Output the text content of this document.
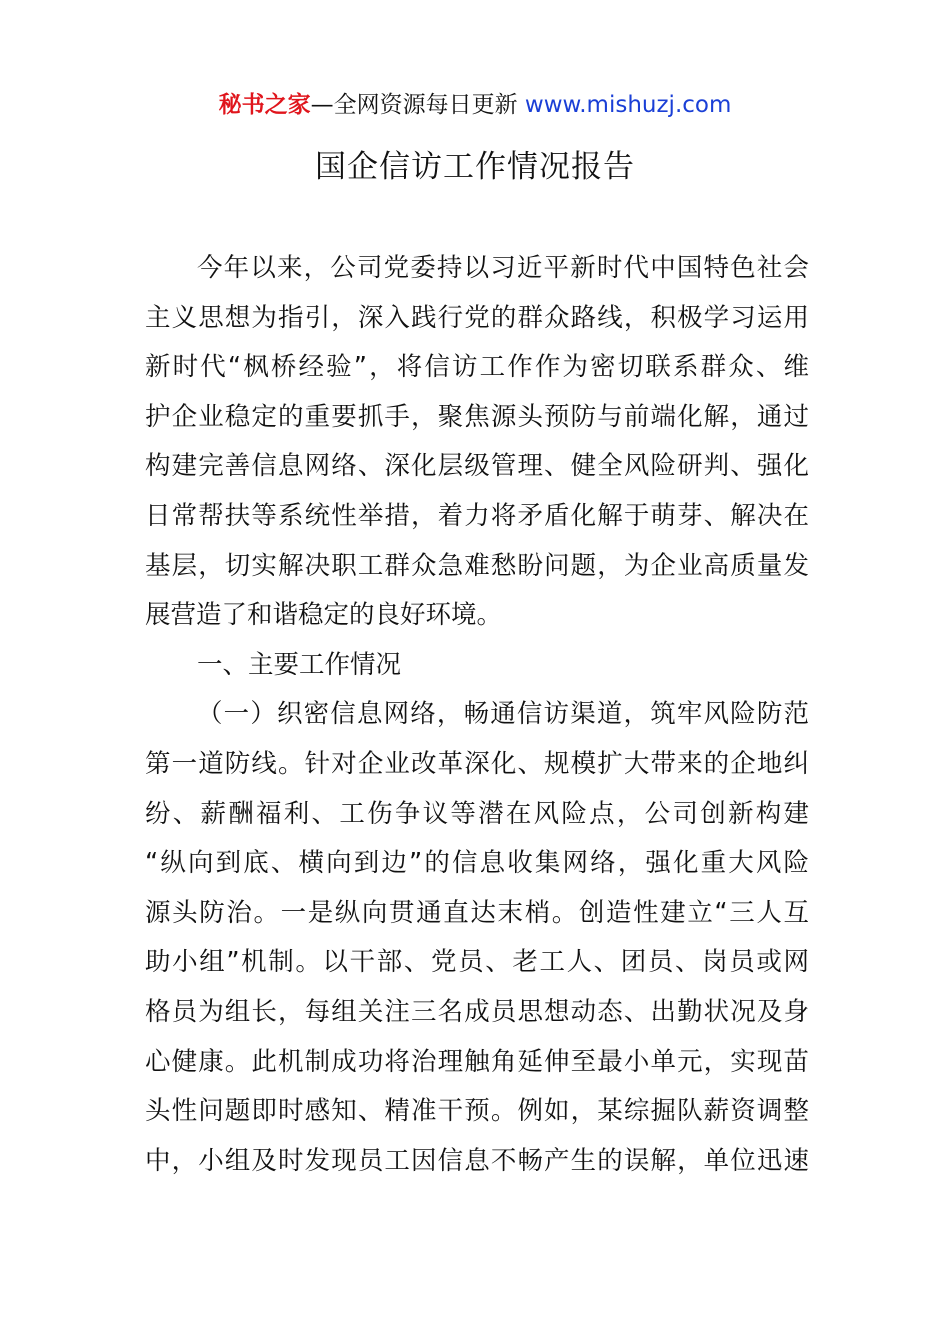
秘书之家—全网资源每日更新 www.mishuzj.com
国企信访工作情况报告
今年以来，公司党委持以习近平新时代中国特色社会
主义思想为指引，深入践行党的群众路线，积极学习运用
新时代“枫桥经验”，将信访工作作为密切联系群众、维
护企业稳定的重要抓手，聚焦源头预防与前端化解，通过
构建完善信息网络、深化层级管理、健全风险研判、强化
日常帮扶等系统性举措，着力将矛盾化解于萌芽、解决在
基层，切实解决职工群众急难愁盼问题，为企业高质量发
展营造了和谐稳定的良好环境。
一、主要工作情况
（一）织密信息网络，畅通信访渠道，筑牢风险防范
第一道防线。针对企业改革深化、规模扩大带来的企地纠
纷、薪酬福利、工伤争议等潜在风险点，公司创新构建
“纵向到底、横向到边”的信息收集网络，强化重大风险
源头防治。一是纵向贯通直达末梢。创造性建立“三人互
助小组”机制。以干部、党员、老工人、团员、岗员或网
格员为组长，每组关注三名成员思想动态、出勤状况及身
心健康。此机制成功将治理触角延伸至最小单元，实现苗
头性问题即时感知、精准干预。例如，某综掘队薪资调整
中，小组及时发现员工因信息不畅产生的误解，单位迅速
